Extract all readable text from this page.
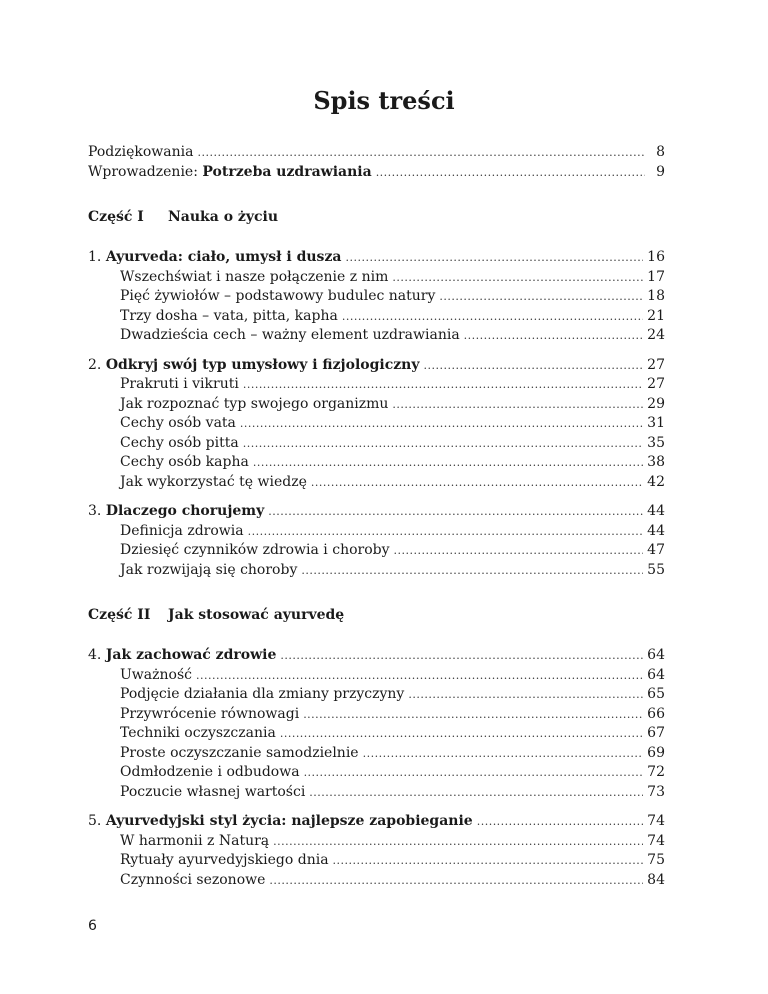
Spis treści
Podziękowania .....	8
Wprowadzenie: Potrzeba uzdrawiania .....	9
Część I Nauka o życiu
1. Ayurveda: ciało, umysł i dusza .....	16
Wszechświat i nasze połączenie z nim .....	17
Pięć żywiołów – podstawowy budulec natury .....	18
Trzy dosha – vata, pitta, kapha .....	21
Dwadzieścia cech – ważny element uzdrawiania .....	24
2. Odkryj swój typ umysłowy i fizjologiczny .....	27
Prakruti i vikruti .....	27
Jak rozpoznać typ swojego organizmu .....	29
Cechy osób vata .....	31
Cechy osób pitta .....	35
Cechy osób kapha .....	38
Jak wykorzystać tę wiedzę .....	42
3. Dlaczego chorujemy .....	44
Definicja zdrowia .....	44
Dziesięć czynników zdrowia i choroby .....	47
Jak rozwijają się choroby .....	55
Część II Jak stosować ayurvedę
4. Jak zachować zdrowie .....	64
Uważność .....	64
Podjęcie działania dla zmiany przyczyny .....	65
Przywrócenie równowagi .....	66
Techniki oczyszczania .....	67
Proste oczyszczanie samodzielnie .....	69
Odmłodzenie i odbudowa .....	72
Poczucie własnej wartości .....	73
5. Ayurvedyjski styl życia: najlepsze zapobieganie .....	74
W harmonii z Naturą .....	74
Rytuały ayurvedyjskiego dnia .....	75
Czynności sezonowe .....	84
6
